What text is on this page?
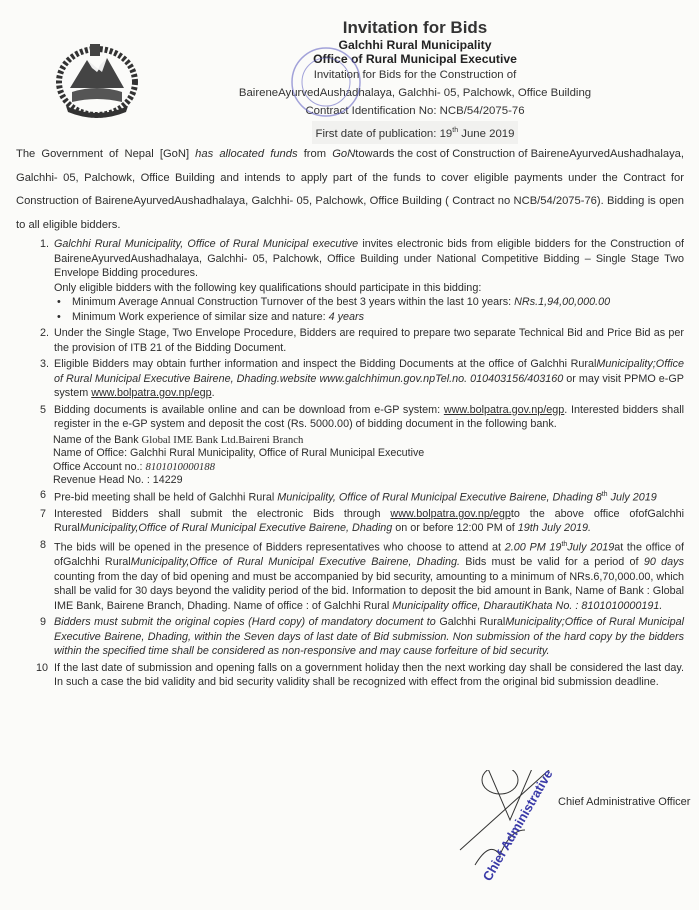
Invitation for Bids
Galchhi Rural Municipality
Office of Rural Municipal Executive
Invitation for Bids for the Construction of
BaireneAyurvedAushadhalaya, Galchhi- 05, Palchowk, Office Building
Contract Identification No: NCB/54/2075-76
First date of publication: 19th June 2019
The Government of Nepal [GoN] has allocated funds from GoNtowards the cost of Construction of BaireneAyurvedAushadhalaya, Galchhi- 05, Palchowk, Office Building and intends to apply part of the funds to cover eligible payments under the Contract for Construction of BaireneAyurvedAushadhalaya, Galchhi- 05, Palchowk, Office Building ( Contract no NCB/54/2075-76). Bidding is open to all eligible bidders.
1. Galchhi Rural Municipality, Office of Rural Municipal executive invites electronic bids from eligible bidders for the Construction of BaireneAyurvedAushadhalaya, Galchhi- 05, Palchowk, Office Building under National Competitive Bidding – Single Stage Two Envelope Bidding procedures.
Only eligible bidders with the following key qualifications should participate in this bidding:
• Minimum Average Annual Construction Turnover of the best 3 years within the last 10 years: NRs.1,94,00,000.00
• Minimum Work experience of similar size and nature: 4 years
2. Under the Single Stage, Two Envelope Procedure, Bidders are required to prepare two separate Technical Bid and Price Bid as per the provision of ITB 21 of the Bidding Document.
3. Eligible Bidders may obtain further information and inspect the Bidding Documents at the office of Galchhi RuralMunicipality;Office of Rural Municipal Executive Bairene, Dhading.website www.galchhimun.gov.npTel.no. 010403156/403160 or may visit PPMO e-GP system www.bolpatra.gov.np/egp.
5 Bidding documents is available online and can be download from e-GP system: www.bolpatra.gov.np/egp. Interested bidders shall register in the e-GP system and deposit the cost (Rs. 5000.00) of bidding document in the following bank.
Name of the Bank Global IME Bank Ltd.Baireni Branch
Name of Office: Galchhi Rural Municipality, Office of Rural Municipal Executive
Office Account no.: 8101010000188
Revenue Head No. : 14229
6 Pre-bid meeting shall be held of Galchhi Rural Municipality, Office of Rural Municipal Executive Bairene, Dhading 8th July 2019
7 Interested Bidders shall submit the electronic Bids through www.bolpatra.gov.np/egpto the above office ofofGalchhi RuralMunicipality,Office of Rural Municipal Executive Bairene, Dhading on or before 12:00 PM of 19th July 2019.
8 The bids will be opened in the presence of Bidders representatives who choose to attend at 2.00 PM 19thJuly 2019at the office of ofGalchhi RuralMunicipality,Office of Rural Municipal Executive Bairene, Dhading. Bids must be valid for a period of 90 days counting from the day of bid opening and must be accompanied by bid security, amounting to a minimum of NRs.6,70,000.00, which shall be valid for 30 days beyond the validity period of the bid. Information to deposit the bid amount in Bank, Name of Bank : Global IME Bank, Bairene Branch, Dhading. Name of office : of Galchhi Rural Municipality office, DharautiKhata No. : 8101010000191.
9 Bidders must submit the original copies (Hard copy) of mandatory document to Galchhi RuralMunicipality;Office of Rural Municipal Executive Bairene, Dhading, within the Seven days of last date of Bid submission. Non submission of the hard copy by the bidders within the specified time shall be considered as non-responsive and may cause forfeiture of bid security.
10 If the last date of submission and opening falls on a government holiday then the next working day shall be considered the last day. In such a case the bid validity and bid security validity shall be recognized with effect from the original bid submission deadline.
Chief Administrative Officer
Chief Administrative Officer
